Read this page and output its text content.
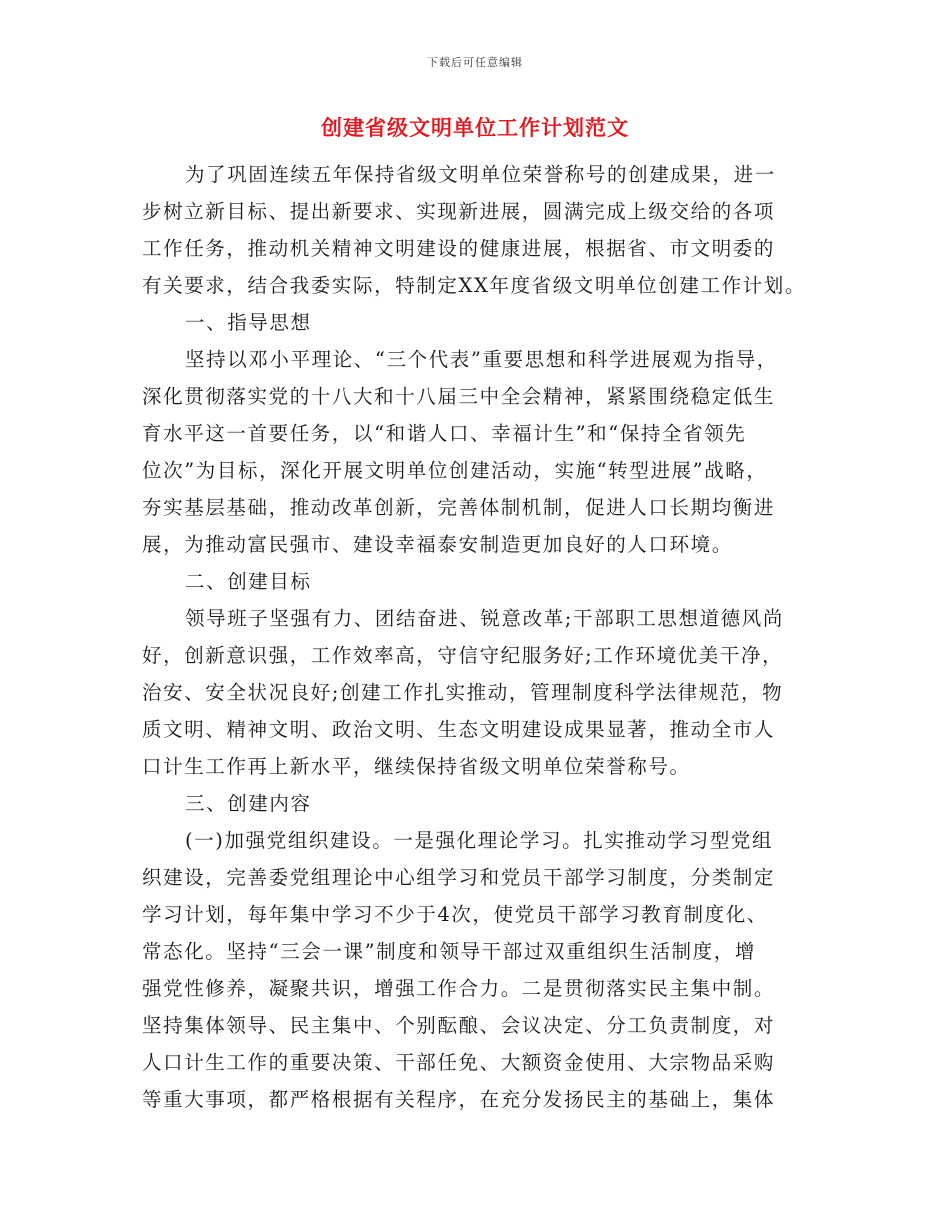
下载后可任意编辑
创建省级文明单位工作计划范文
为了巩固连续五年保持省级文明单位荣誉称号的创建成果，进一
步树立新目标、提出新要求、实现新进展，圆满完成上级交给的各项
工作任务，推动机关精神文明建设的健康进展，根据省、市文明委的
有关要求，结合我委实际，特制定XX年度省级文明单位创建工作计划。
一、指导思想
坚持以邓小平理论、“三个代表”重要思想和科学进展观为指导，
深化贯彻落实党的十八大和十八届三中全会精神，紧紧围绕稳定低生
育水平这一首要任务，以“和谐人口、幸福计生”和“保持全省领先
位次”为目标，深化开展文明单位创建活动，实施“转型进展”战略，
夯实基层基础，推动改革创新，完善体制机制，促进人口长期均衡进
展，为推动富民强市、建设幸福泰安制造更加良好的人口环境。
二、创建目标
领导班子坚强有力、团结奋进、锐意改革;干部职工思想道德风尚
好，创新意识强，工作效率高，守信守纪服务好;工作环境优美干净，
治安、安全状况良好;创建工作扎实推动，管理制度科学法律规范，物
质文明、精神文明、政治文明、生态文明建设成果显著，推动全市人
口计生工作再上新水平，继续保持省级文明单位荣誉称号。
三、创建内容
(一)加强党组织建设。一是强化理论学习。扎实推动学习型党组
织建设，完善委党组理论中心组学习和党员干部学习制度，分类制定
学习计划，每年集中学习不少于4次，使党员干部学习教育制度化、
常态化。坚持“三会一课”制度和领导干部过双重组织生活制度，增
强党性修养，凝聚共识，增强工作合力。二是贯彻落实民主集中制。
坚持集体领导、民主集中、个别酝酿、会议决定、分工负责制度，对
人口计生工作的重要决策、干部任免、大额资金使用、大宗物品采购
等重大事项，都严格根据有关程序，在充分发扬民主的基础上，集体
